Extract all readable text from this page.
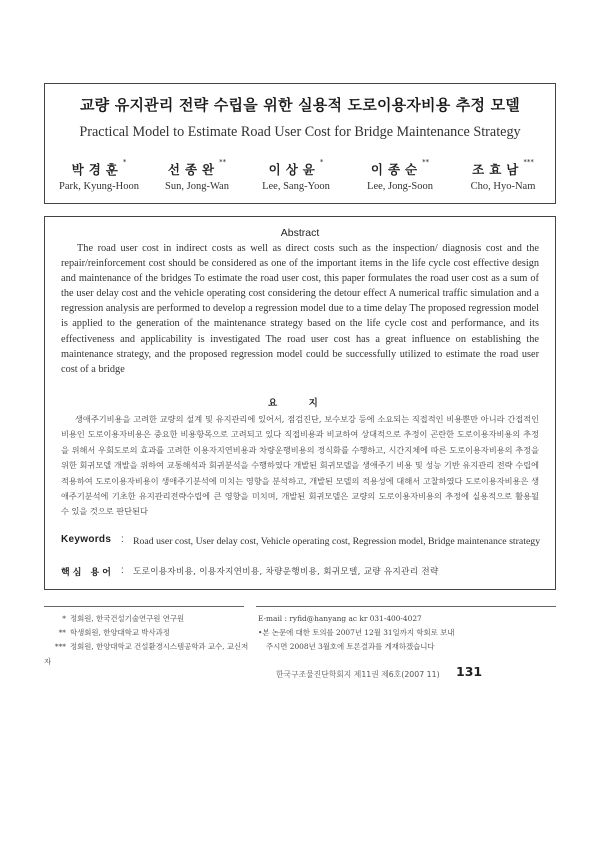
교량 유지관리 전략 수립을 위한 실용적 도로이용자비용 추정 모델
Practical Model to Estimate Road User Cost for Bridge Maintenance Strategy
박경훈*
Park, Kyung-Hoon
선종완**
Sun, Jong-Wan
이상윤*
Lee, Sang-Yoon
이종순**
Lee, Jong-Soon
조효남***
Cho, Hyo-Nam
Abstract
The road user cost in indirect costs as well as direct costs such as the inspection/ diagnosis cost and the repair/reinforcement cost should be considered as one of the important items in the life cycle cost effective design and maintenance of the bridges To estimate the road user cost, this paper formulates the road user cost as a sum of the user delay cost and the vehicle operating cost considering the detour effect A numerical traffic simulation and a regression analysis are performed to develop a regression model due to a time delay The proposed regression model is applied to the generation of the maintenance strategy based on the life cycle cost and performance, and its effectiveness and applicability is investigated The road user cost has a great influence on establishing the maintenance strategy, and the proposed regression model could be successfully utilized to estimate the road user cost of a bridge
요 지
생애주기비용을 고려한 교량의 설계 및 유지관리에 있어서, 점검진단, 보수보강 등에 소요되는 직접적인 비용뿐만 아니라 간접적인 비용인 도로이용자비용은 중요한 비용항목으로 고려되고 있다 직접비용과 비교하여 상대적으로 추정이 곤란한 도로이용자비용의 추정을 위해서 우회도로의 효과를 고려한 이용자지연비용과 차량운행비용의 정식화를 수행하고, 시간지체에 따른 도로이용자비용의 추정을 위한 회귀모델 개발을 위하여 교통해석과 회귀분석을 수행하였다 개발된 회귀모델을 생애주기 비용 및 성능 기반 유지관리 전략 수립에 적용하여 도로이용자비용이 생애주기분석에 미치는 영향을 분석하고, 개발된 모델의 적용성에 대해서 고찰하였다 도로이용자비용은 생애주기분석에 기초한 유지관리전략수립에 큰 영향을 미치며, 개발된 회귀모델은 교량의 도로이용자비용의 추정에 실용적으로 활용될 수 있을 것으로 판단된다
Keywords : Road user cost, User delay cost, Vehicle operating cost, Regression model, Bridge maintenance strategy
핵심 용어 : 도로이용자비용, 이용자지연비용, 차량운행비용, 회귀모델, 교량 유지관리 전략
* 정회원, 한국건설기술연구원 연구원
** 학생회원, 한양대학교 박사과정
*** 정회원, 한양대학교 건설환경시스템공학과 교수, 교신저자
E-mail : ryfid@hanyang ac kr 031-400-4027
•본 논문에 대한 토의를 2007년 12월 31일까지 학회로 보내
주시면 2008년 3월호에 토론결과를 게재하겠습니다
한국구조물진단학회지 제11권 제6호(2007 11) 131
